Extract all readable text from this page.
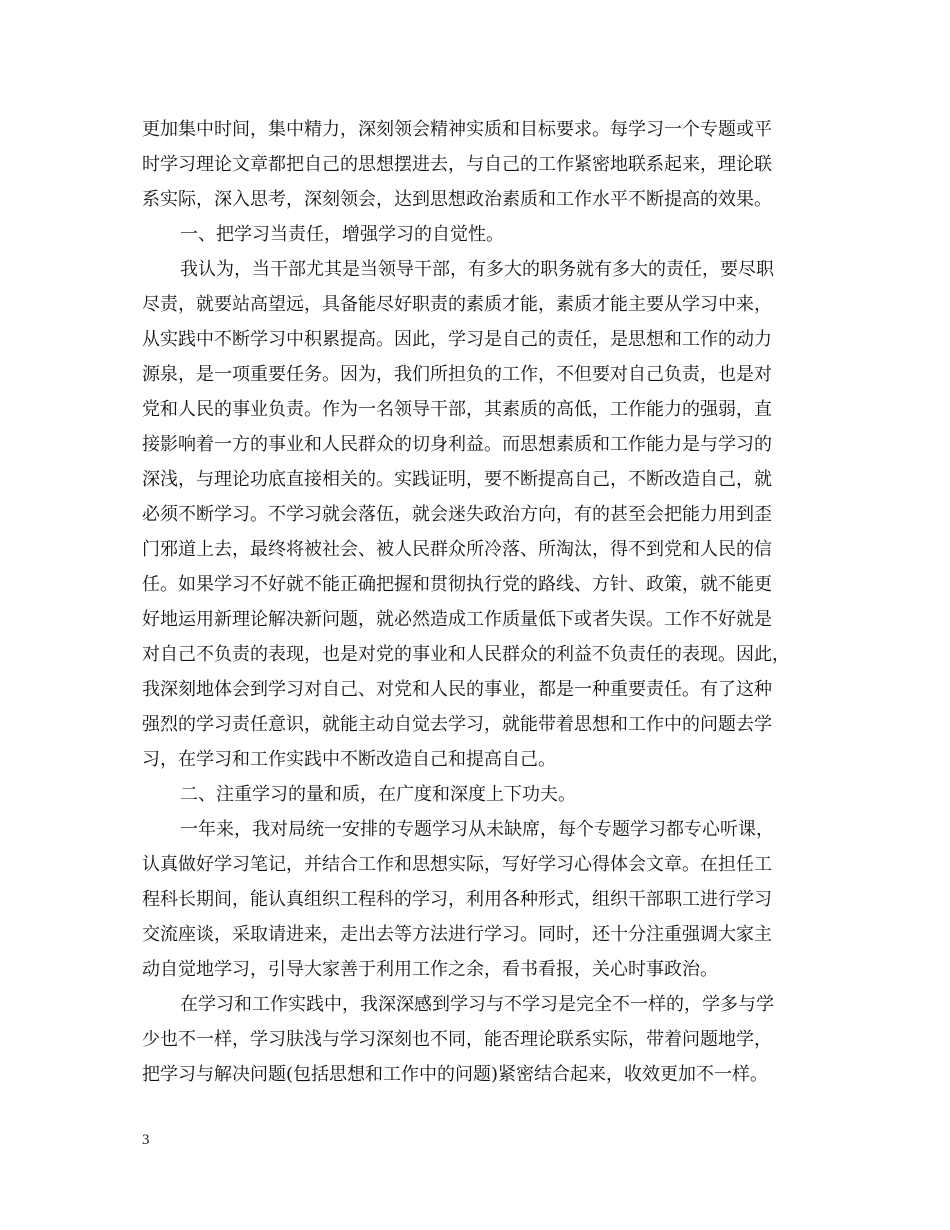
更加集中时间，集中精力，深刻领会精神实质和目标要求。每学习一个专题或平
时学习理论文章都把自己的思想摆进去，与自己的工作紧密地联系起来，理论联
系实际，深入思考，深刻领会，达到思想政治素质和工作水平不断提高的效果。
一、把学习当责任，增强学习的自觉性。
我认为，当干部尤其是当领导干部，有多大的职务就有多大的责任，要尽职
尽责，就要站高望远，具备能尽好职责的素质才能，素质才能主要从学习中来，
从实践中不断学习中积累提高。因此，学习是自己的责任，是思想和工作的动力
源泉，是一项重要任务。因为，我们所担负的工作，不但要对自己负责，也是对
党和人民的事业负责。作为一名领导干部，其素质的高低，工作能力的强弱，直
接影响着一方的事业和人民群众的切身利益。而思想素质和工作能力是与学习的
深浅，与理论功底直接相关的。实践证明，要不断提高自己，不断改造自己，就
必须不断学习。不学习就会落伍，就会迷失政治方向，有的甚至会把能力用到歪
门邪道上去，最终将被社会、被人民群众所冷落、所淘汰，得不到党和人民的信
任。如果学习不好就不能正确把握和贯彻执行党的路线、方针、政策，就不能更
好地运用新理论解决新问题，就必然造成工作质量低下或者失误。工作不好就是
对自己不负责的表现，也是对党的事业和人民群众的利益不负责任的表现。因此，
我深刻地体会到学习对自己、对党和人民的事业，都是一种重要责任。有了这种
强烈的学习责任意识，就能主动自觉去学习，就能带着思想和工作中的问题去学
习，在学习和工作实践中不断改造自己和提高自己。
二、注重学习的量和质，在广度和深度上下功夫。
一年来，我对局统一安排的专题学习从未缺席，每个专题学习都专心听课，
认真做好学习笔记，并结合工作和思想实际，写好学习心得体会文章。在担任工
程科长期间，能认真组织工程科的学习，利用各种形式，组织干部职工进行学习
交流座谈，采取请进来，走出去等方法进行学习。同时，还十分注重强调大家主
动自觉地学习，引导大家善于利用工作之余，看书看报，关心时事政治。
在学习和工作实践中，我深深感到学习与不学习是完全不一样的，学多与学
少也不一样，学习肤浅与学习深刻也不同，能否理论联系实际，带着问题地学，
把学习与解决问题(包括思想和工作中的问题)紧密结合起来，收效更加不一样。
3
